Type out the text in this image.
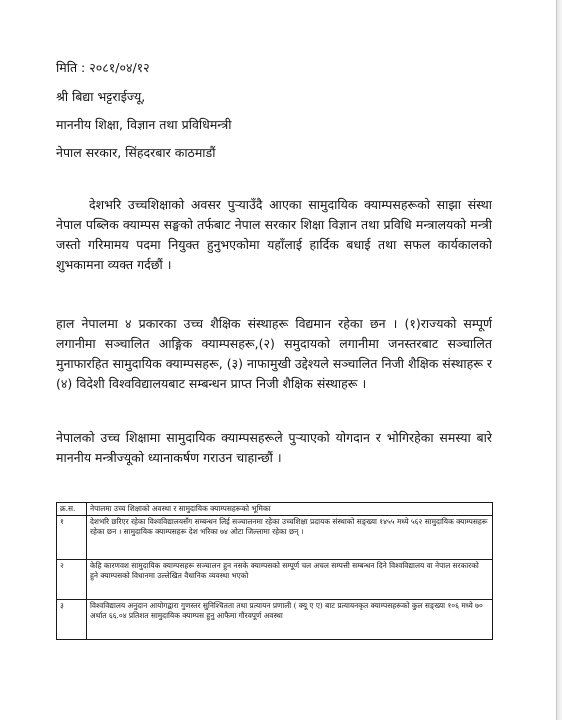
मिति : २०८१/०४/१२
श्री बिद्या भट्टराईज्यू,
माननीय शिक्षा, विज्ञान तथा प्रविधिमन्त्री
नेपाल सरकार, सिंहदरबार काठमाडौं

देशभरि उच्चशिक्षाको अवसर पुर्‍याउँदै आएका सामुदायिक क्याम्पसहरूको साझा संस्था नेपाल पब्लिक क्याम्पस सङ्घको तर्फबाट नेपाल सरकार शिक्षा विज्ञान तथा प्रविधि मन्त्रालयको मन्त्री जस्तो गरिमामय पदमा नियुक्त हुनुभएकोमा यहाँलाई हार्दिक बधाई तथा सफल कार्यकालको शुभकामना व्यक्त गर्दछौं ।

हाल नेपालमा ४ प्रकारका उच्च शैक्षिक संस्थाहरू विद्यमान रहेका छन । (१)राज्यको सम्पूर्ण लगानीमा सञ्चालित आङ्गिक क्याम्पसहरू,(२) समुदायको लगानीमा जनस्तरबाट सञ्चालित मुनाफारहित सामुदायिक क्याम्पसहरू, (३) नाफामुखी उद्देश्यले सञ्चालित निजी शैक्षिक संस्थाहरू र (४) विदेशी विश्वविद्यालयबाट सम्बन्धन प्राप्त निजी शैक्षिक संस्थाहरू ।

नेपालको उच्च शिक्षामा सामुदायिक क्याम्पसहरूले पुर्‍याएको योगदान र भोगिरहेका समस्या बारे माननीय मन्त्रीज्यूको ध्यानाकर्षण गराउन चाहान्छौं ।

क्र.स.	नेपालमा उच्च शिक्षाको अवस्था र सामुदायिक क्याम्पसहरूको भूमिका
१	देशभरि छरिएर रहेका विश्वविद्यालयसँग सम्बन्धन लिई सञ्चालनमा रहेका उच्चशिक्षा प्रदायक संस्थाको सङ्ख्या १४५५ मध्ये ५६२ सामुदायिक क्याम्पसहरू रहेका छन । सामुदायिक क्याम्पसहरू देश भरिका ७४ ओटा जिल्लामा रहेका छन् ।
२	केहि कारणवश सामुदायिक क्याम्पसहरू सञ्चालन हुन नसके क्याम्पसको सम्पूर्ण चल अचल सम्पत्ती सम्बन्धन दिने विश्वविद्यालय वा नेपाल सरकारको हुने क्याम्पसको विधानमा उल्लेखित वैधानिक व्यवस्था भएको
३	विश्वविद्यालय अनुदान आयोगद्वारा गुणस्तर सुनिश्चितता तथा प्रत्यायन प्रणाली ( क्यू ए ए) बाट प्रत्यायनकृत क्याम्पसहरूको कुल सङ्ख्या १०६ मध्ये ७० अर्थात ६६.०४ प्रतिशत सामुदायिक क्याम्पस हुनु आफैमा गौरवपूर्ण अवस्था
